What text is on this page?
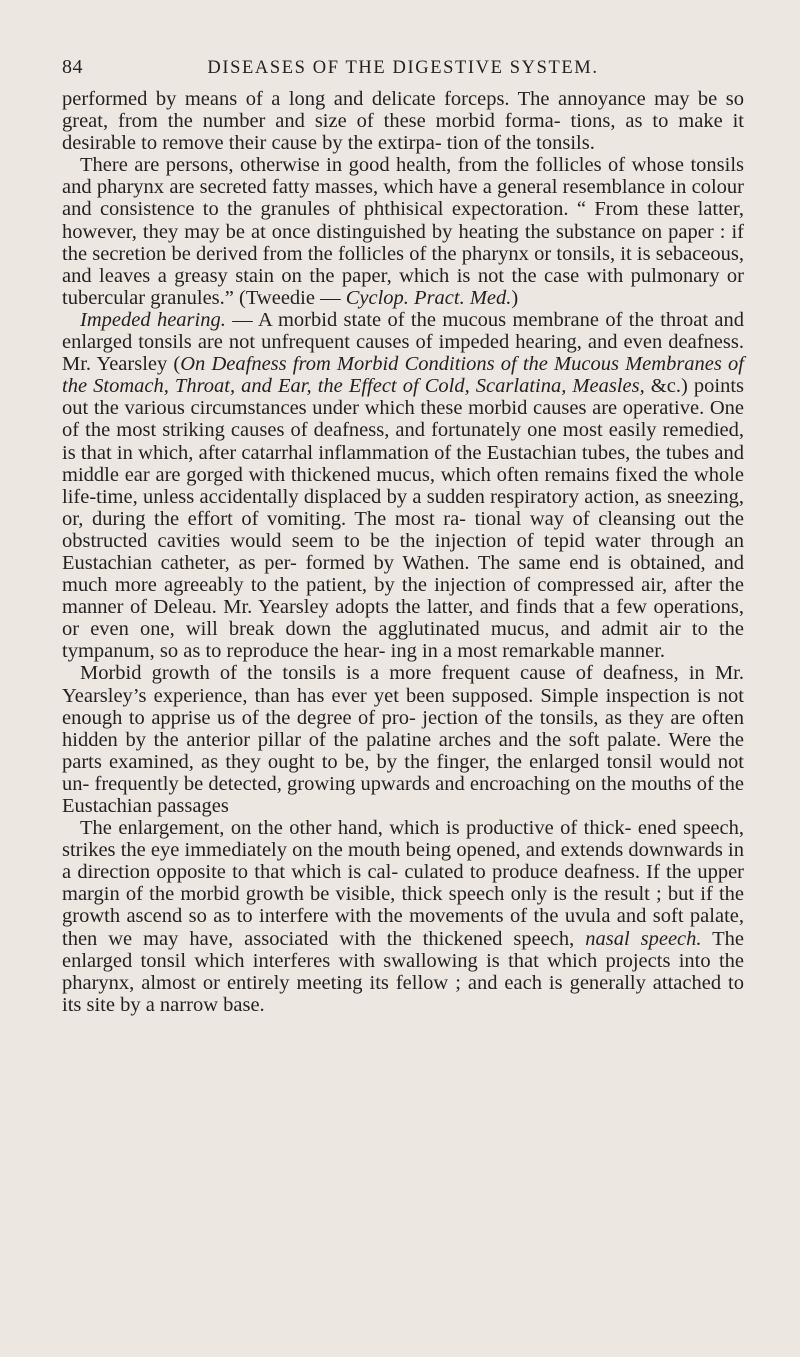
84	DISEASES OF THE DIGESTIVE SYSTEM.

performed by means of a long and delicate forceps. The annoyance may be so great, from the number and size of these morbid forma- tions, as to make it desirable to remove their cause by the extirpa- tion of the tonsils.

There are persons, otherwise in good health, from the follicles of whose tonsils and pharynx are secreted fatty masses, which have a general resemblance in colour and consistence to the granules of phthisical expectoration. “ From these latter, however, they may be at once distinguished by heating the substance on paper : if the secretion be derived from the follicles of the pharynx or tonsils, it is sebaceous, and leaves a greasy stain on the paper, which is not the case with pulmonary or tubercular granules.” (Tweedie — Cyclop. Pract. Med.)

Impeded hearing. — A morbid state of the mucous membrane of the throat and enlarged tonsils are not unfrequent causes of impeded hearing, and even deafness. Mr. Yearsley (On Deafness from Morbid Conditions of the Mucous Membranes of the Stomach, Throat, and Ear, the Effect of Cold, Scarlatina, Measles, &c.) points out the various circumstances under which these morbid causes are operative. One of the most striking causes of deafness, and fortunately one most easily remedied, is that in which, after catarrhal inflammation of the Eustachian tubes, the tubes and middle ear are gorged with thickened mucus, which often remains fixed the whole life-time, unless accidentally displaced by a sudden respiratory action, as sneezing, or, during the effort of vomiting. The most ra- tional way of cleansing out the obstructed cavities would seem to be the injection of tepid water through an Eustachian catheter, as per- formed by Wathen. The same end is obtained, and much more agreeably to the patient, by the injection of compressed air, after the manner of Deleau. Mr. Yearsley adopts the latter, and finds that a few operations, or even one, will break down the agglutinated mucus, and admit air to the tympanum, so as to reproduce the hear- ing in a most remarkable manner.

Morbid growth of the tonsils is a more frequent cause of deafness, in Mr. Yearsley’s experience, than has ever yet been supposed. Simple inspection is not enough to apprise us of the degree of pro- jection of the tonsils, as they are often hidden by the anterior pillar of the palatine arches and the soft palate. Were the parts examined, as they ought to be, by the finger, the enlarged tonsil would not un- frequently be detected, growing upwards and encroaching on the mouths of the Eustachian passages

The enlargement, on the other hand, which is productive of thick- ened speech, strikes the eye immediately on the mouth being opened, and extends downwards in a direction opposite to that which is cal- culated to produce deafness. If the upper margin of the morbid growth be visible, thick speech only is the result ; but if the growth ascend so as to interfere with the movements of the uvula and soft palate, then we may have, associated with the thickened speech, nasal speech. The enlarged tonsil which interferes with swallowing is that which projects into the pharynx, almost or entirely meeting its fellow ; and each is generally attached to its site by a narrow base.
